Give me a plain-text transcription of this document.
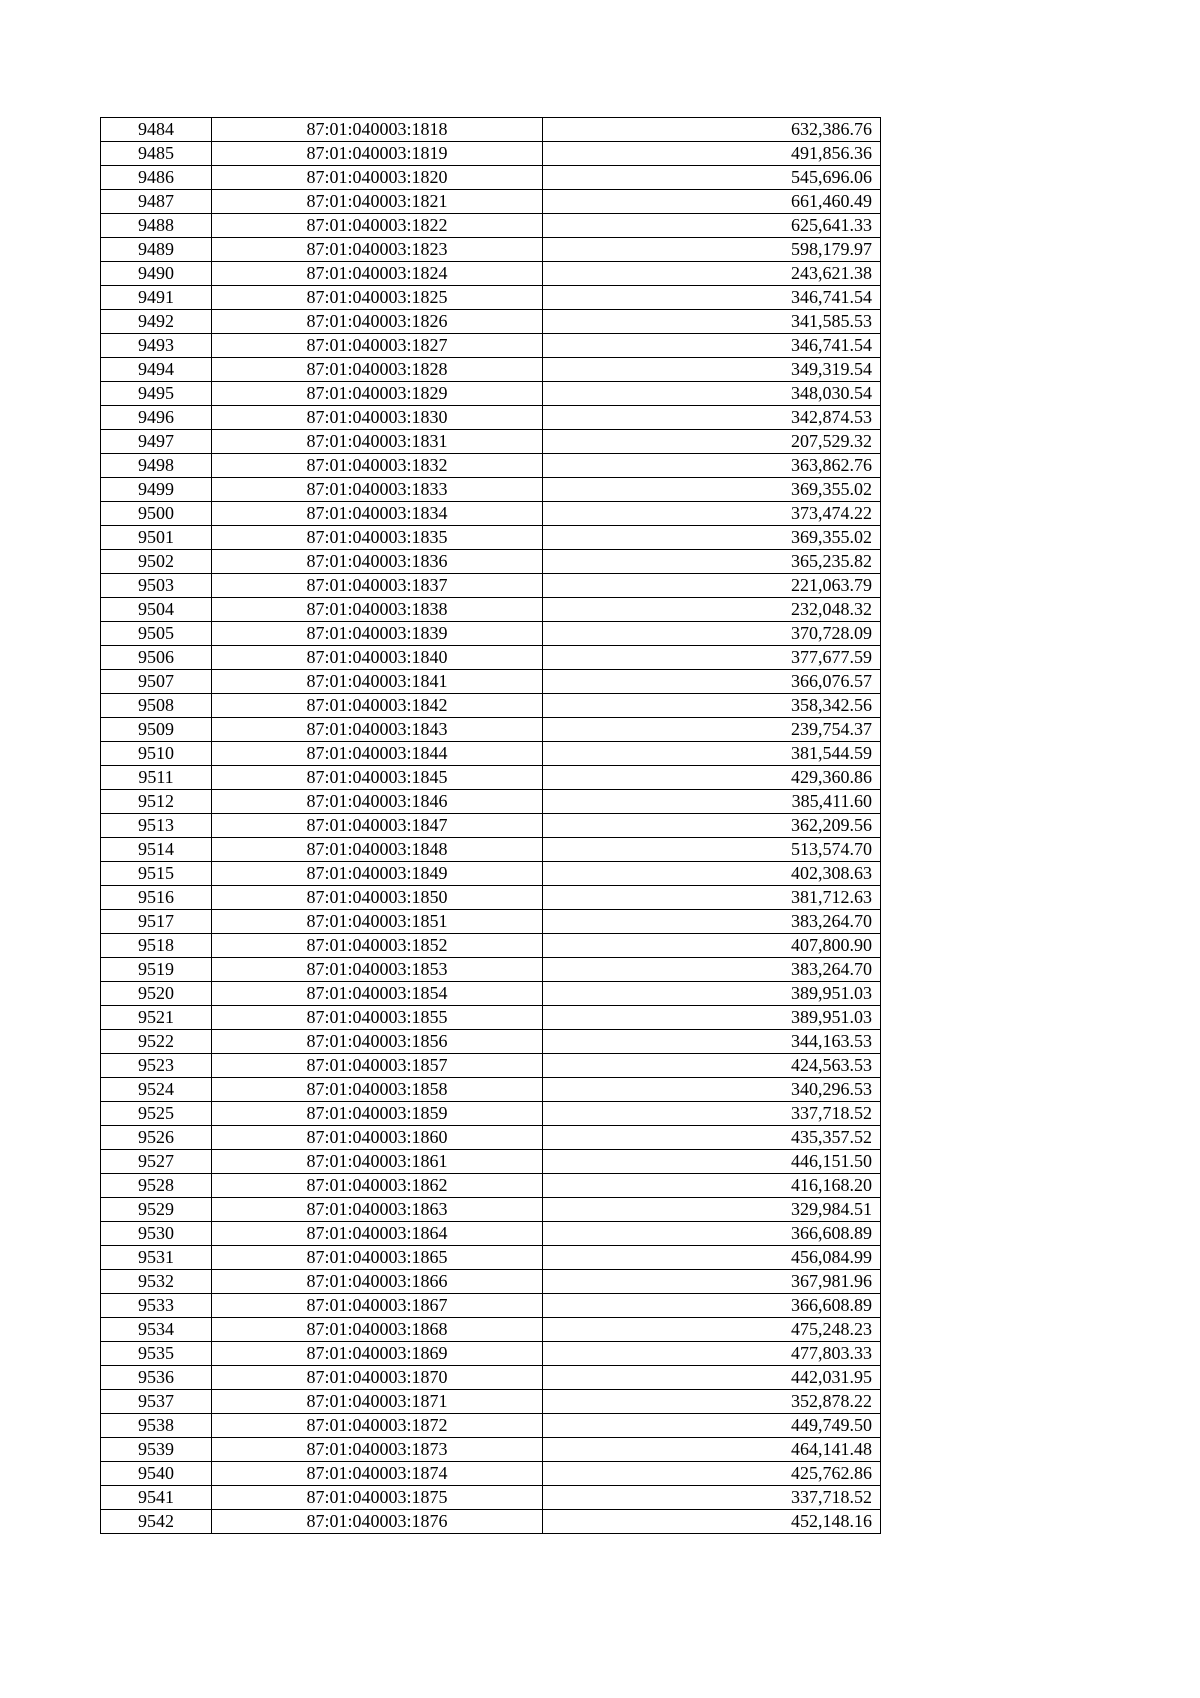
9484	87:01:040003:1818	632,386.76
9485	87:01:040003:1819	491,856.36
9486	87:01:040003:1820	545,696.06
9487	87:01:040003:1821	661,460.49
9488	87:01:040003:1822	625,641.33
9489	87:01:040003:1823	598,179.97
9490	87:01:040003:1824	243,621.38
9491	87:01:040003:1825	346,741.54
9492	87:01:040003:1826	341,585.53
9493	87:01:040003:1827	346,741.54
9494	87:01:040003:1828	349,319.54
9495	87:01:040003:1829	348,030.54
9496	87:01:040003:1830	342,874.53
9497	87:01:040003:1831	207,529.32
9498	87:01:040003:1832	363,862.76
9499	87:01:040003:1833	369,355.02
9500	87:01:040003:1834	373,474.22
9501	87:01:040003:1835	369,355.02
9502	87:01:040003:1836	365,235.82
9503	87:01:040003:1837	221,063.79
9504	87:01:040003:1838	232,048.32
9505	87:01:040003:1839	370,728.09
9506	87:01:040003:1840	377,677.59
9507	87:01:040003:1841	366,076.57
9508	87:01:040003:1842	358,342.56
9509	87:01:040003:1843	239,754.37
9510	87:01:040003:1844	381,544.59
9511	87:01:040003:1845	429,360.86
9512	87:01:040003:1846	385,411.60
9513	87:01:040003:1847	362,209.56
9514	87:01:040003:1848	513,574.70
9515	87:01:040003:1849	402,308.63
9516	87:01:040003:1850	381,712.63
9517	87:01:040003:1851	383,264.70
9518	87:01:040003:1852	407,800.90
9519	87:01:040003:1853	383,264.70
9520	87:01:040003:1854	389,951.03
9521	87:01:040003:1855	389,951.03
9522	87:01:040003:1856	344,163.53
9523	87:01:040003:1857	424,563.53
9524	87:01:040003:1858	340,296.53
9525	87:01:040003:1859	337,718.52
9526	87:01:040003:1860	435,357.52
9527	87:01:040003:1861	446,151.50
9528	87:01:040003:1862	416,168.20
9529	87:01:040003:1863	329,984.51
9530	87:01:040003:1864	366,608.89
9531	87:01:040003:1865	456,084.99
9532	87:01:040003:1866	367,981.96
9533	87:01:040003:1867	366,608.89
9534	87:01:040003:1868	475,248.23
9535	87:01:040003:1869	477,803.33
9536	87:01:040003:1870	442,031.95
9537	87:01:040003:1871	352,878.22
9538	87:01:040003:1872	449,749.50
9539	87:01:040003:1873	464,141.48
9540	87:01:040003:1874	425,762.86
9541	87:01:040003:1875	337,718.52
9542	87:01:040003:1876	452,148.16
